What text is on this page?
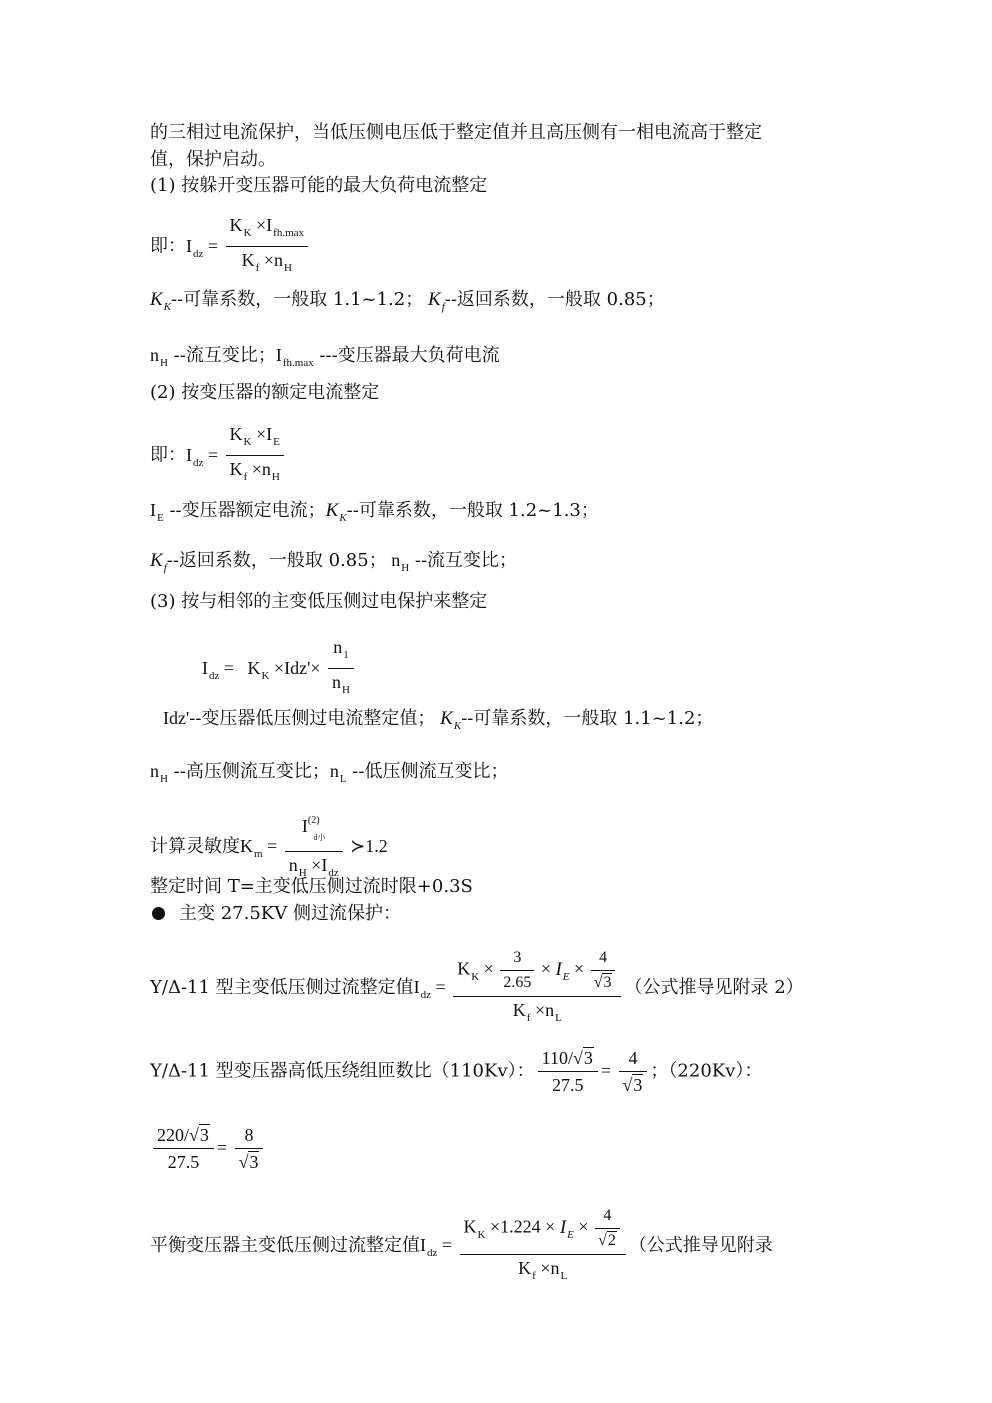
的三相过电流保护，当低压侧电压低于整定值并且高压侧有一相电流高于整定
值，保护启动。
(1) 按躲开变压器可能的最大负荷电流整定
即：$I_{dz} = \frac{K_K \times I_{fh.max}}{K_f \times n_H}$
$K_K--$可靠系数，一般取 1.1~1.2； $K_f--$返回系数，一般取 0.85；
$n_H$ --流互变比；$I_{fh.max}$ ---变压器最大负荷电流
(2) 按变压器的额定电流整定
即：$I_{dz} = \frac{K_K \times I_E}{K_f \times n_H}$
$I_E$ --变压器额定电流；$K_K--$可靠系数，一般取 1.2~1.3；
$K_f--$返回系数，一般取 0.85； $n_H$ --流互变比；
(3) 按与相邻的主变低压侧过电保护来整定
$I_{dz} = K_K \times Idz'\times \frac{n_1}{n_H}$
Idz'--变压器低压侧过电流整定值； $K_K--$可靠系数，一般取 1.1~1.2；
$n_H$ --高压侧流互变比；$n_L$ --低压侧流互变比；
计算灵敏度$K_m = \frac{I^{(2)}_{d小}}{n_H \times I_{dz}}$ ≻1.2
整定时间 T=主变低压侧过流时限+0.3S
主变 27.5KV 侧过流保护：
Y/Δ-11 型主变低压侧过流整定值$I_{dz} = \frac{K_K \times \frac{3}{2.65} \times I_E \times \frac{4}{√3}}{K_f \times n_L}$ （公式推导见附录 2）
Y/Δ-11 型变压器高低压绕组匝数比（110Kv）： $\frac{110/√3}{27.5} = \frac{4}{√3}$ ；（220Kv）：
$\frac{220/√3}{27.5} = \frac{8}{√3}$
平衡变压器主变低压侧过流整定值$I_{dz} = \frac{K_K \times 1.224 \times I_E \times \frac{4}{√2}}{K_f \times n_L}$ （公式推导见附录
